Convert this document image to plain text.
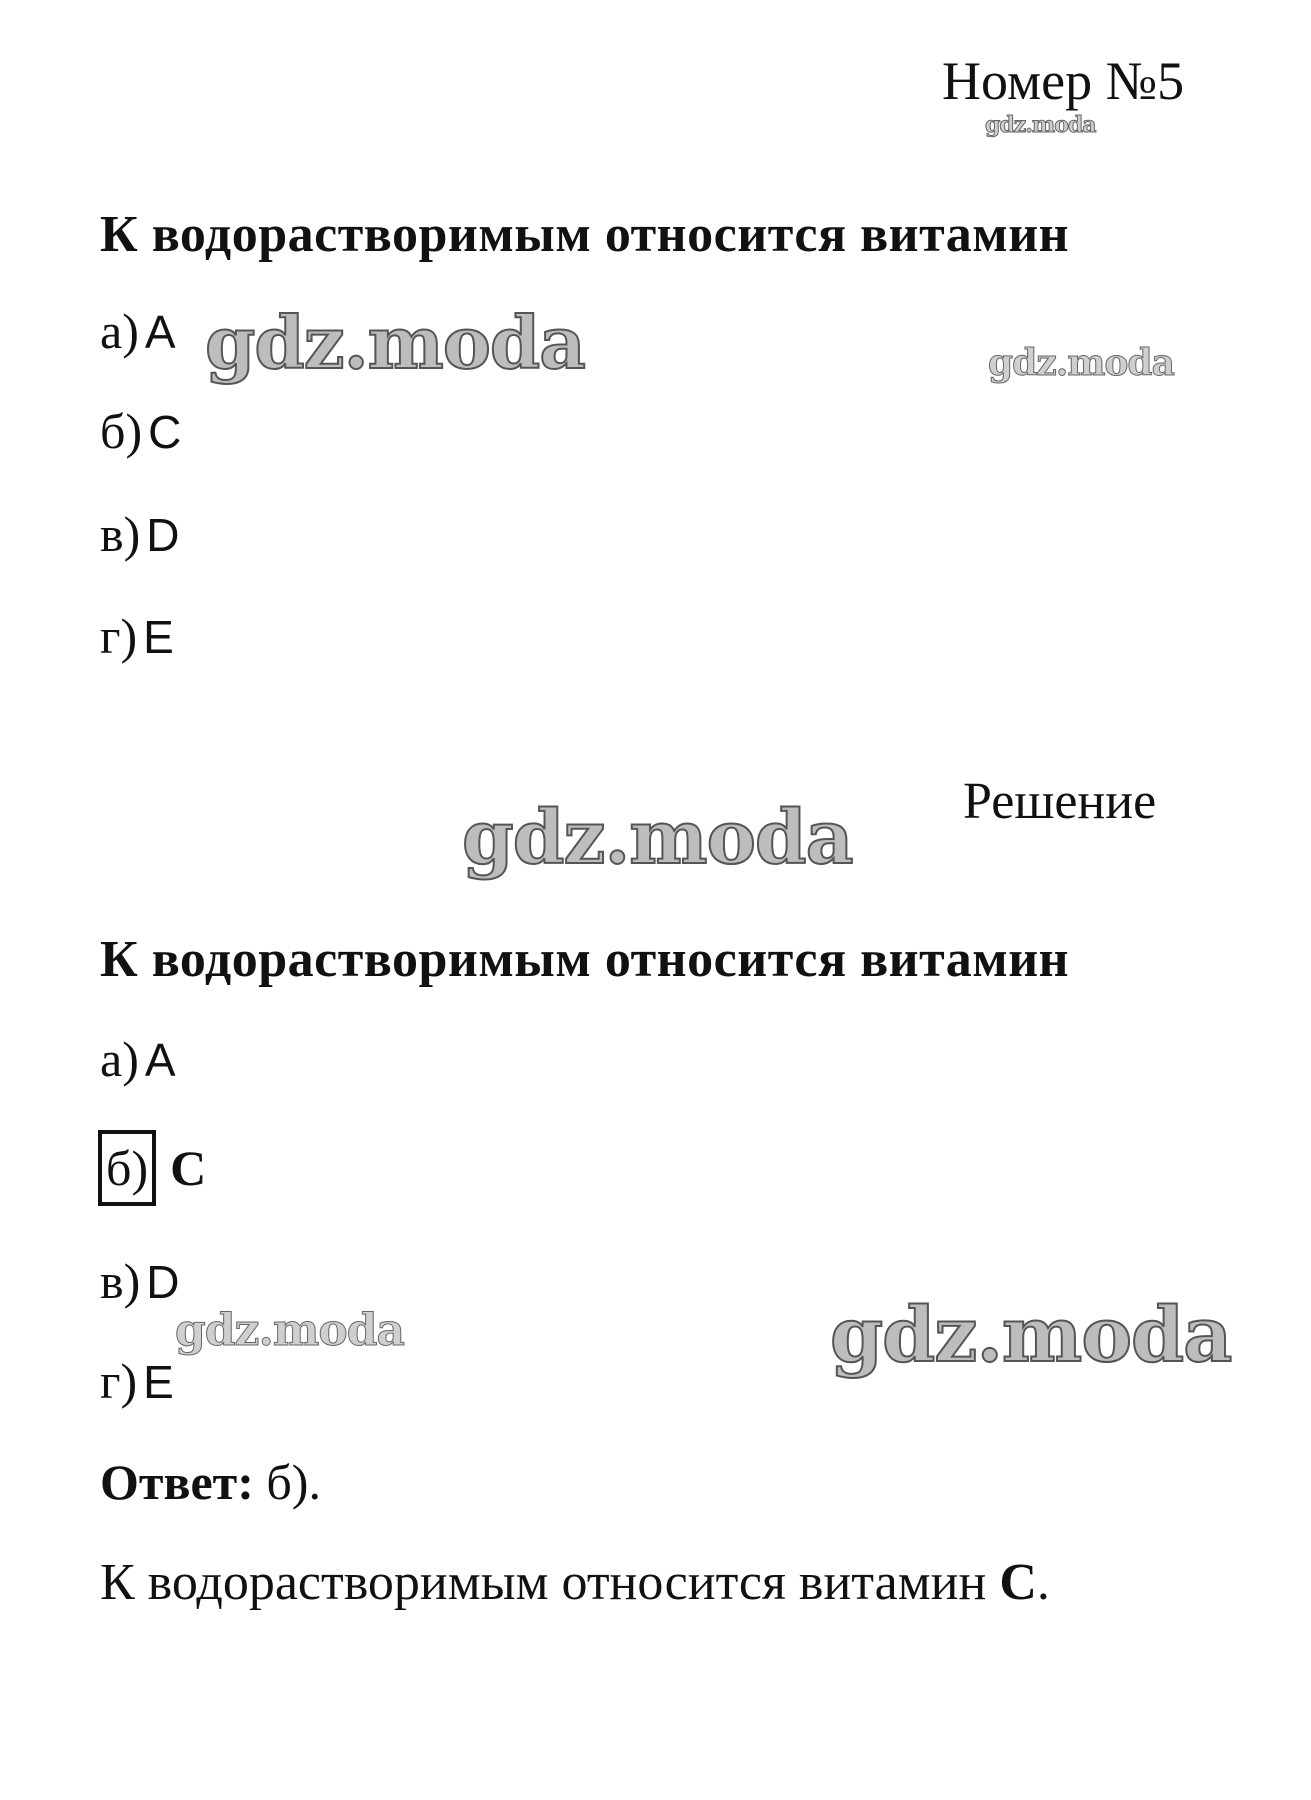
Номер №5
К водорастворимым относится витамин
а) A
б) C
в) D
г) E
Решение
К водорастворимым относится витамин
а) A
б) C
в) D
г) E
Ответ: б).
К водорастворимым относится витамин C.
gdz.moda
gdz.moda	gdz.moda
gdz.moda
gdz.moda	gdz.moda
